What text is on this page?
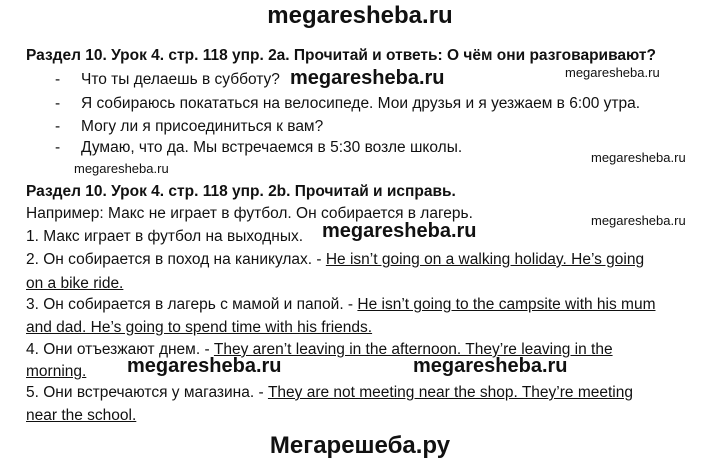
megaresheba.ru
Мегарешеба.ру
Раздел 10. Урок 4. стр. 118 упр. 2а. Прочитай и ответь: О чём они разговаривают?
- Что ты делаешь в субботу?
- Я собираюсь покататься на велосипеде. Мои друзья и я уезжаем в 6:00 утра.
- Могу ли я присоединиться к вам?
- Думаю, что да. Мы встречаемся в 5:30 возле школы.
megaresheba.ru	megaresheba.ru
megaresheba.ru
megaresheba.ru
Раздел 10. Урок 4. стр. 118 упр. 2b. Прочитай и исправь.
Например: Макс не играет в футбол. Он собирается в лагерь.
1. Макс играет в футбол на выходных.
megaresheba.ru
megaresheba.ru
2. Он собирается в поход на каникулах. - He isn’t going on a walking holiday. He’s going
on a bike ride.
3. Он собирается в лагерь с мамой и папой. - He isn’t going to the campsite with his mum
and dad. He’s going to spend time with his friends.
4. Они отъезжают днем. - They aren’t leaving in the afternoon. They’re leaving in the
morning. megaresheba.ru	megaresheba.ru
5. Они встречаются у магазина. - They are not meeting near the shop. They’re meeting
near the school.
